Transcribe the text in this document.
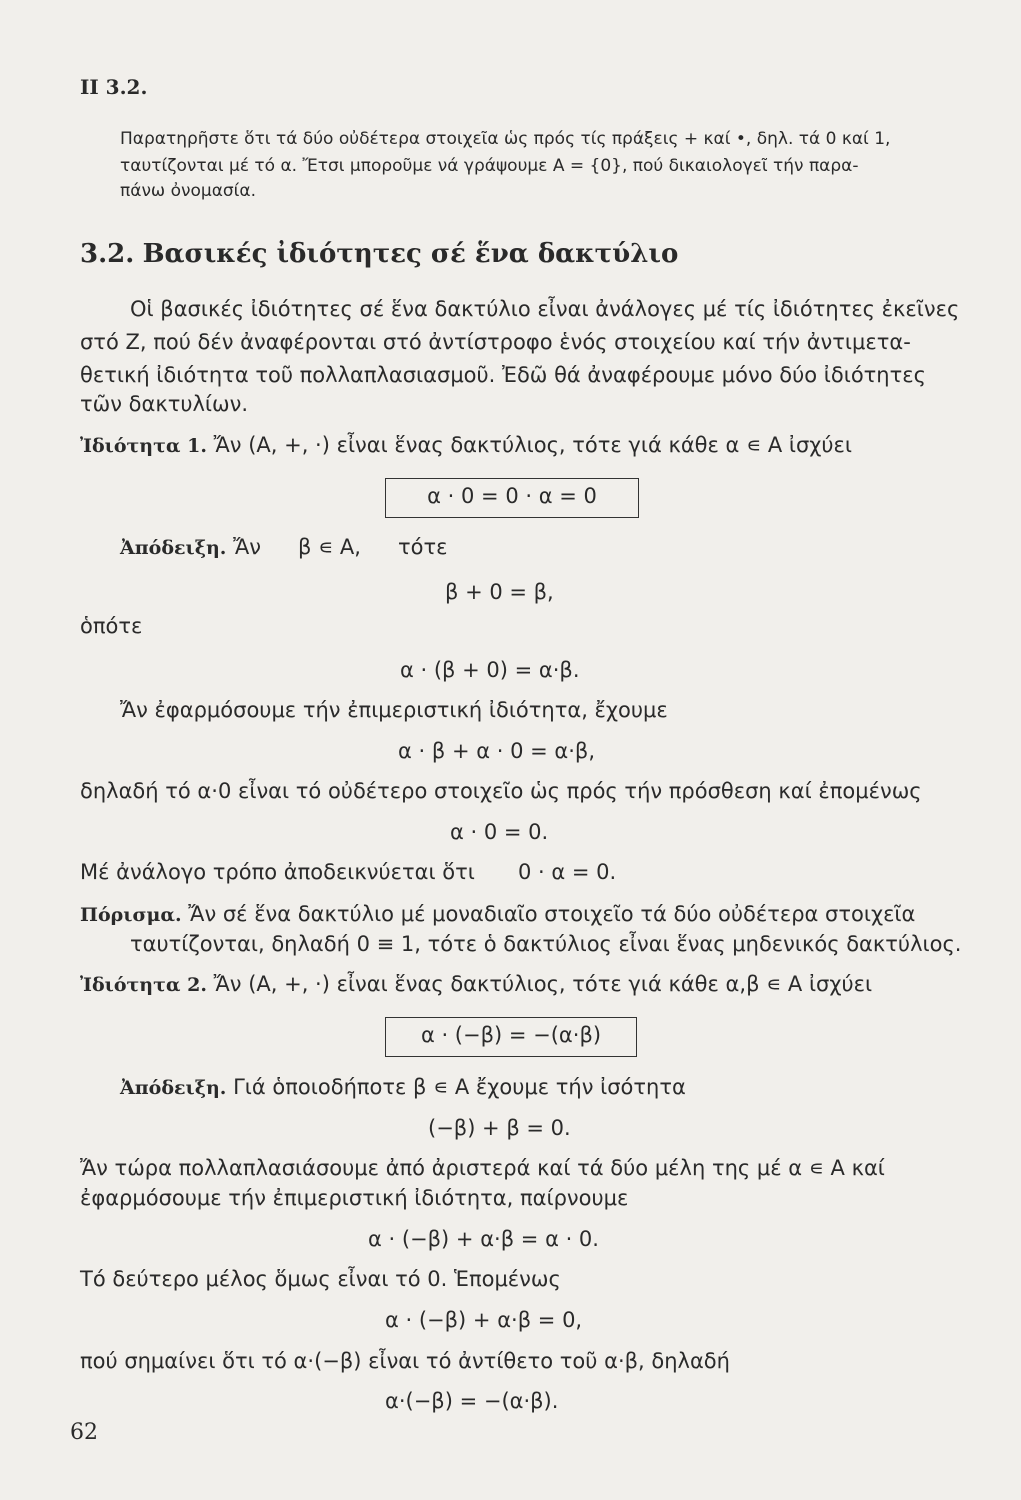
II 3.2.
Παρατηρῆστε ὅτι τά δύο οὐδέτερα στοιχεῖα ὡς πρός τίς πράξεις + καί •, δηλ. τά 0 καί 1,
ταυτίζονται μέ τό α. Ἔτσι μποροῦμε νά γράψουμε A = {0}, πού δικαιολογεῖ τήν παρα-
πάνω ὀνομασία.
3.2. Βασικές ἰδιότητες σέ ἕνα δακτύλιο
Οἱ βασικές ἰδιότητες σέ ἕνα δακτύλιο εἶναι ἀνάλογες μέ τίς ἰδιότητες ἐκεῖνες
στό Z, πού δέν ἀναφέρονται στό ἀντίστροφο ἑνός στοιχείου καί τήν ἀντιμετα-
θετική ἰδιότητα τοῦ πολλαπλασιασμοῦ. Ἐδῶ θά ἀναφέρουμε μόνο δύο ἰδιότητες
τῶν δακτυλίων.
Ἰδιότητα 1. Ἄν (A, +, ·) εἶναι ἕνας δακτύλιος, τότε γιά κάθε α ∊ A ἰσχύει
α · 0 = 0 · α = 0
Ἀπόδειξη. Ἄν β ∊ A, τότε
β + 0 = β,
ὁπότε
α · (β + 0) = α·β.
Ἄν ἐφαρμόσουμε τήν ἐπιμεριστική ἰδιότητα, ἔχουμε
α · β + α · 0 = α·β,
δηλαδή τό α·0 εἶναι τό οὐδέτερο στοιχεῖο ὡς πρός τήν πρόσθεση καί ἐπομένως
α · 0 = 0.
Μέ ἀνάλογο τρόπο ἀποδεικνύεται ὅτι 0 · α = 0.
Πόρισμα. Ἄν σέ ἕνα δακτύλιο μέ μοναδιαῖο στοιχεῖο τά δύο οὐδέτερα στοιχεῖα
ταυτίζονται, δηλαδή 0 ≡ 1, τότε ὁ δακτύλιος εἶναι ἕνας μηδενικός δακτύλιος.
Ἰδιότητα 2. Ἄν (A, +, ·) εἶναι ἕνας δακτύλιος, τότε γιά κάθε α,β ∊ A ἰσχύει
α · (−β) = −(α·β)
Ἀπόδειξη. Γιά ὁποιοδήποτε β ∊ A ἔχουμε τήν ἰσότητα
(−β) + β = 0.
Ἄν τώρα πολλαπλασιάσουμε ἀπό ἀριστερά καί τά δύο μέλη της μέ α ∊ A καί
ἐφαρμόσουμε τήν ἐπιμεριστική ἰδιότητα, παίρνουμε
α · (−β) + α·β = α · 0.
Τό δεύτερο μέλος ὅμως εἶναι τό 0. Ἑπομένως
α · (−β) + α·β = 0,
πού σημαίνει ὅτι τό α·(−β) εἶναι τό ἀντίθετο τοῦ α·β, δηλαδή
α·(−β) = −(α·β).
62
